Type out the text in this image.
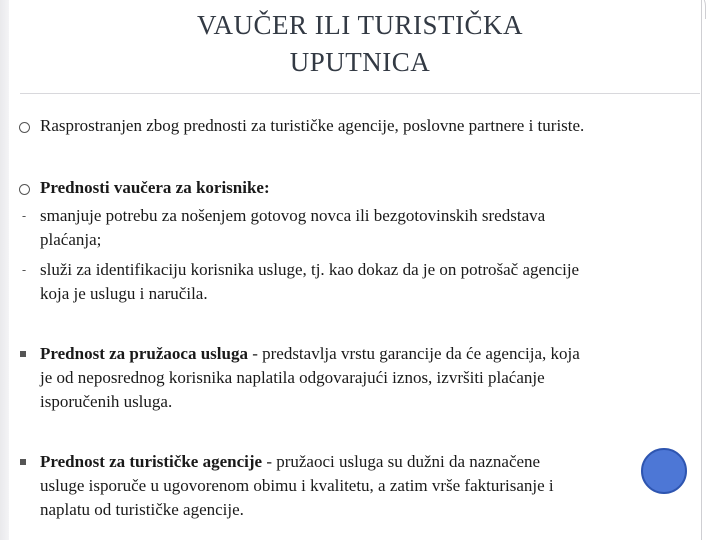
VAUČER ILI TURISTIČKA
UPUTNICA
Rasprostranjen zbog prednosti za turističke agencije, poslovne partnere i turiste.
Prednosti vaučera za korisnike:
- smanjuje potrebu za nošenjem gotovog novca ili bezgotovinskih sredstava
plaćanja;
- služi za identifikaciju korisnika usluge, tj. kao dokaz da je on potrošač agencije
koja je uslugu i naručila.
Prednost za pružaoca usluga - predstavlja vrstu garancije da će agencija, koja
je od neposrednog korisnika naplatila odgovarajući iznos, izvršiti plaćanje
isporučenih usluga.
Prednost za turističke agencije - pružaoci usluga su dužni da naznačene
usluge isporuče u ugovorenom obimu i kvalitetu, a zatim vrše fakturisanje i
naplatu od turističke agencije.
